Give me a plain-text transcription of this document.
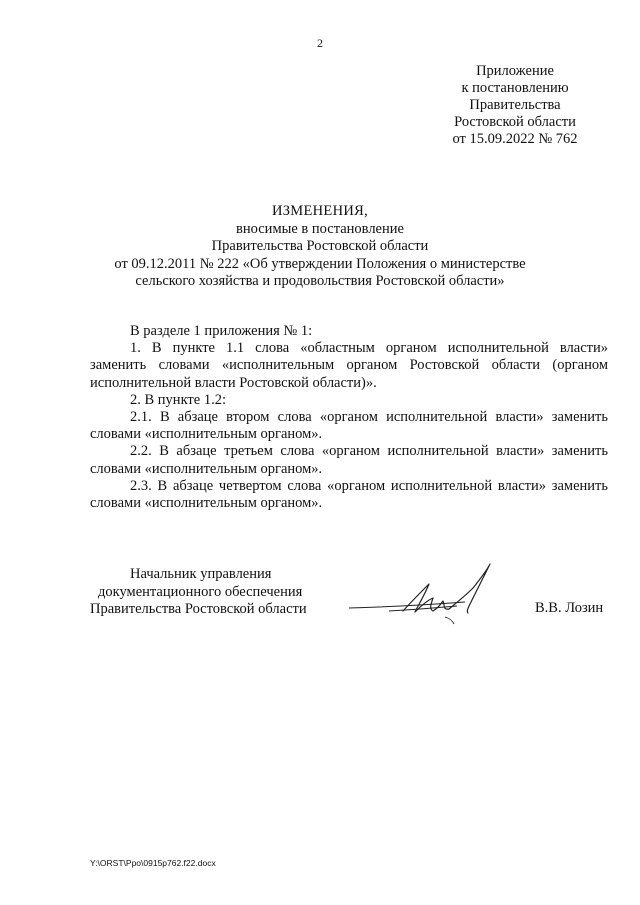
2
Приложение
к постановлению
Правительства
Ростовской области
от 15.09.2022 № 762
ИЗМЕНЕНИЯ,
вносимые в постановление
Правительства Ростовской области
от 09.12.2011 № 222 «Об утверждении Положения о министерстве
сельского хозяйства и продовольствия Ростовской области»

В разделе 1 приложения № 1:

1. В пункте 1.1 слова «областным органом исполнительной власти» заменить словами «исполнительным органом Ростовской области (органом исполнительной власти Ростовской области)».

2. В пункте 1.2:

2.1. В абзаце втором слова «органом исполнительной власти» заменить словами «исполнительным органом».

2.2. В абзаце третьем слова «органом исполнительной власти» заменить словами «исполнительным органом».

2.3. В абзаце четвертом слова «органом исполнительной власти» заменить словами «исполнительным органом».

Начальник управления
документационного обеспечения
Правительства Ростовской области	В.В. Лозин
Y:\ORST\Ppo\0915p762.f22.docx
